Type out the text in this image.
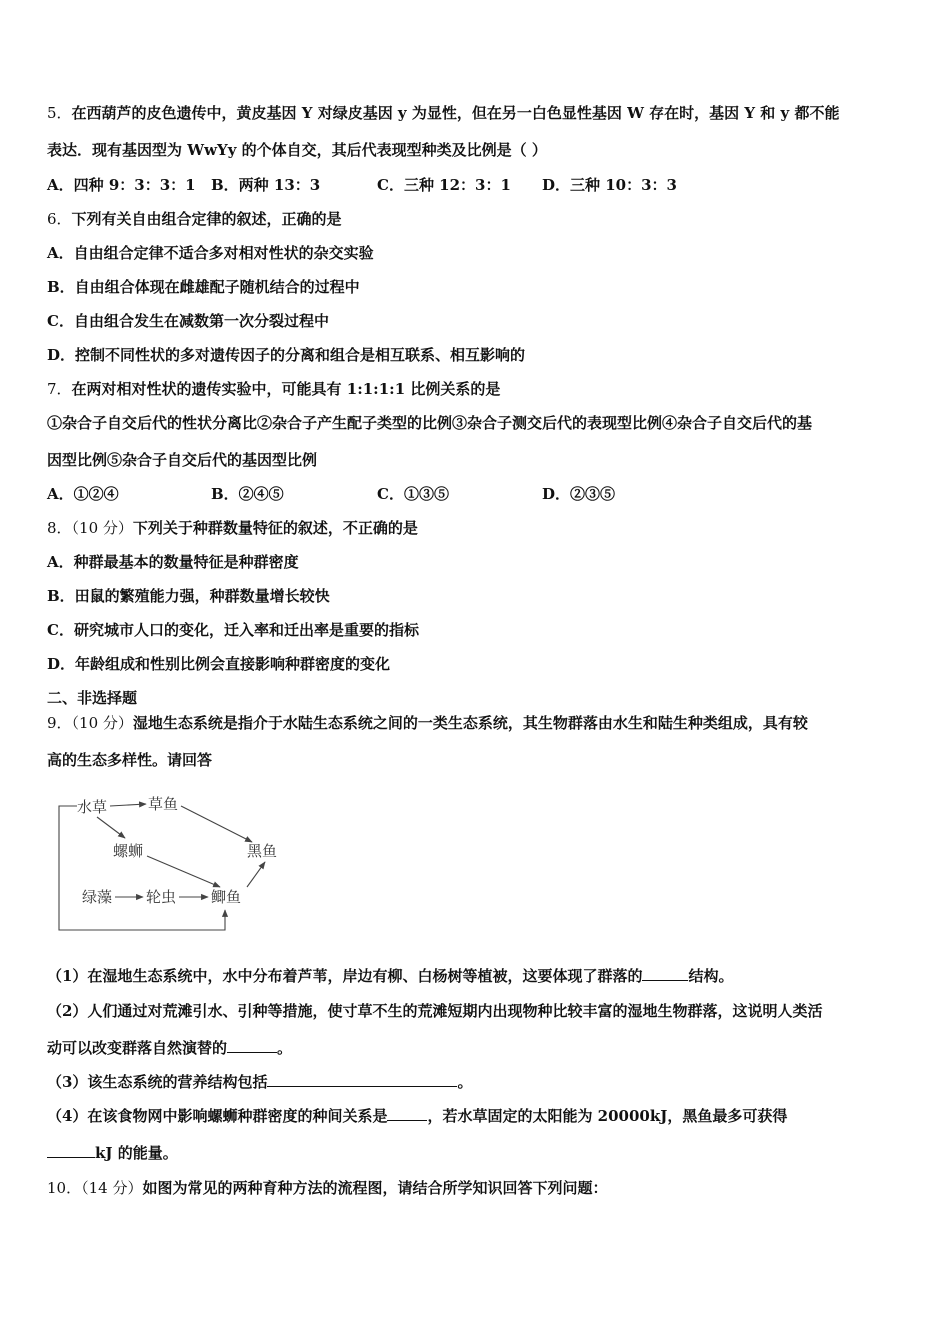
5．在西葫芦的皮色遗传中，黄皮基因 Y 对绿皮基因 y 为显性，但在另一白色显性基因 W 存在时，基因 Y 和 y 都不能
表达．现有基因型为 WwYy 的个体自交，其后代表现型种类及比例是（ ）
A．四种 9：3：3：1 B．两种 13：3	C．三种 12：3：1 D．三种 10：3：3
6．下列有关自由组合定律的叙述，正确的是
A．自由组合定律不适合多对相对性状的杂交实验
B．自由组合体现在雌雄配子随机结合的过程中
C．自由组合发生在减数第一次分裂过程中
D．控制不同性状的多对遗传因子的分离和组合是相互联系、相互影响的
7．在两对相对性状的遗传实验中，可能具有 1:1:1:1 比例关系的是
①杂合子自交后代的性状分离比②杂合子产生配子类型的比例③杂合子测交后代的表现型比例④杂合子自交后代的基
因型比例⑤杂合子自交后代的基因型比例
A．①②④	B．②④⑤	C．①③⑤	D．②③⑤
8．（10 分）下列关于种群数量特征的叙述，不正确的是
A．种群最基本的数量特征是种群密度
B．田鼠的繁殖能力强，种群数量增长较快
C．研究城市人口的变化，迁入率和迁出率是重要的指标
D．年龄组成和性别比例会直接影响种群密度的变化
二、非选择题
9．（10 分）湿地生态系统是指介于水陆生态系统之间的一类生态系统，其生物群落由水生和陆生种类组成，具有较
高的生态多样性。请回答
水草	草鱼
螺蛳	黑鱼
绿藻 轮虫 鲫鱼
（1）在湿地生态系统中，水中分布着芦苇，岸边有柳、白杨树等植被，这要体现了群落的	结构。
（2）人们通过对荒滩引水、引种等措施，使寸草不生的荒滩短期内出现物种比较丰富的湿地生物群落，这说明人类活
动可以改变群落自然演替的	。
（3）该生态系统的营养结构包括	。
（4）在该食物网中影响螺蛳种群密度的种间关系是	，若水草固定的太阳能为 20000kJ，黑鱼最多可获得
kJ 的能量。
10．（14 分）如图为常见的两种育种方法的流程图，请结合所学知识回答下列问题：
